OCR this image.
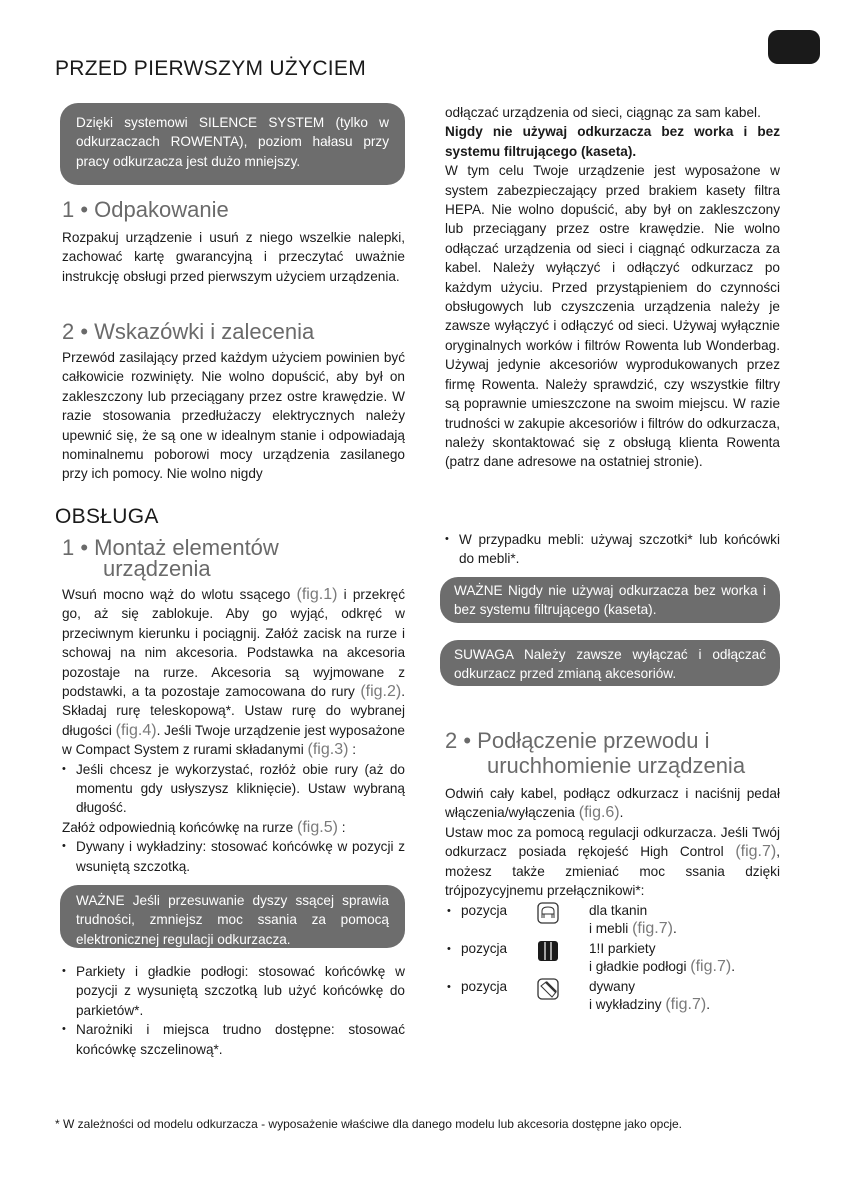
PRZED PIERWSZYM UŻYCIEM
Dzięki systemowi SILENCE SYSTEM (tylko w odkurzaczach ROWENTA), poziom hałasu przy pracy odkurzacza jest dużo mniejszy.
1 • Odpakowanie
Rozpakuj urządzenie i usuń z niego wszelkie nalepki, zachować kartę gwarancyjną i przeczytać uważnie instrukcję obsługi przed pierwszym użyciem urządzenia.
2 • Wskazówki i zalecenia
Przewód zasilający przed każdym użyciem powinien być całkowicie rozwinięty. Nie wolno dopuścić, aby był on zakleszczony lub przeciągany przez ostre krawędzie. W razie stosowania przedłużaczy elektrycznych należy upewnić się, że są one w idealnym stanie i odpowiadają nominalnemu poborowi mocy urządzenia zasilanego przy ich pomocy. Nie wolno nigdy
odłączać urządzenia od sieci, ciągnąc za sam kabel.
Nigdy nie używaj odkurzacza bez worka i bez systemu filtrującego (kaseta).
W tym celu Twoje urządzenie jest wyposażone w system zabezpieczający przed brakiem kasety filtra HEPA. Nie wolno dopuścić, aby był on zakleszczony lub przeciągany przez ostre krawędzie. Nie wolno odłączać urządzenia od sieci i ciągnąć odkurzacza za kabel. Należy wyłączyć i odłączyć odkurzacz po każdym użyciu. Przed przystąpieniem do czynności obsługowych lub czyszczenia urządzenia należy je zawsze wyłączyć i odłączyć od sieci. Używaj wyłącznie oryginalnych worków i filtrów Rowenta lub Wonderbag. Używaj jedynie akcesoriów wyprodukowanych przez firmę Rowenta. Należy sprawdzić, czy wszystkie filtry są poprawnie umieszczone na swoim miejscu. W razie trudności w zakupie akcesoriów i filtrów do odkurzacza, należy skontaktować się z obsługą klienta Rowenta (patrz dane adresowe na ostatniej stronie).
OBSŁUGA
1 • Montaż elementów
urządzenia
Wsuń mocno wąż do wlotu ssącego (fig.1) i przekręć go, aż się zablokuje. Aby go wyjąć, odkręć w przeciwnym kierunku i pociągnij. Załóż zacisk na rurze i schowaj na nim akcesoria. Podstawka na akcesoria pozostaje na rurze. Akcesoria są wyjmowane z podstawki, a ta pozostaje zamocowana do rury (fig.2). Składaj rurę teleskopową*. Ustaw rurę do wybranej długości (fig.4). Jeśli Twoje urządzenie jest wyposażone w Compact System z rurami składanymi (fig.3) :
• Jeśli chcesz je wykorzystać, rozłóż obie rury (aż do momentu gdy usłyszysz kliknięcie). Ustaw wybraną długość.
Załóż odpowiednią końcówkę na rurze (fig.5) :
• Dywany i wykładziny: stosować końcówkę w pozycji z wsuniętą szczotką.
WAŻNE Jeśli przesuwanie dyszy ssącej sprawia trudności, zmniejsz moc ssania za pomocą elektronicznej regulacji odkurzacza.
• Parkiety i gładkie podłogi: stosować końcówkę w pozycji z wysuniętą szczotką lub użyć końcówkę do parkietów*.
• Narożniki i miejsca trudno dostępne: stosować końcówkę szczelinową*.
• W przypadku mebli: używaj szczotki* lub końcówki do mebli*.
WAŻNE Nigdy nie używaj odkurzacza bez worka i bez systemu filtrującego (kaseta).
SUWAGA Należy zawsze wyłączać i odłączać odkurzacz przed zmianą akcesoriów.
2 • Podłączenie przewodu i
uruchhomienie urządzenia
Odwiń cały kabel, podłącz odkurzacz i naciśnij pedał włączenia/wyłączenia (fig.6).
Ustaw moc za pomocą regulacji odkurzacza. Jeśli Twój odkurzacz posiada rękojeść High Control (fig.7), możesz także zmieniać moc ssania dzięki trójpozycyjnemu przełącznikowi*:
• pozycja	dla tkanin
i mebli (fig.7).
• pozycja	1!I parkiety
i gładkie podłogi (fig.7).
• pozycja	dywany
i wykładziny (fig.7).
* W zależności od modelu odkurzacza - wyposażenie właściwe dla danego modelu lub akcesoria dostępne jako opcje.
